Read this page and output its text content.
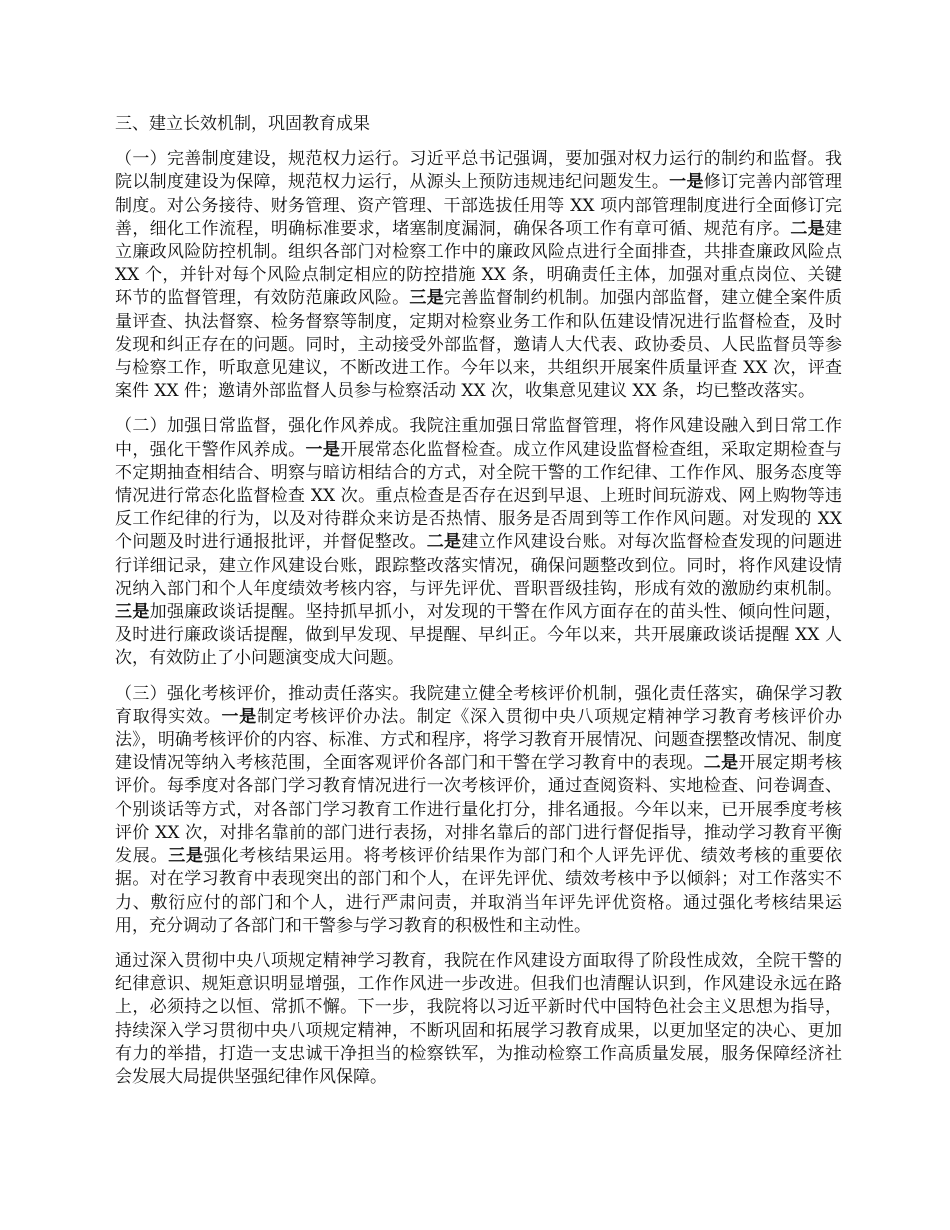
三、建立长效机制，巩固教育成果
（一）完善制度建设，规范权力运行。习近平总书记强调，要加强对权力运行的制约和监督。我院以制度建设为保障，规范权力运行，从源头上预防违规违纪问题发生。一是修订完善内部管理制度。对公务接待、财务管理、资产管理、干部选拔任用等 XX 项内部管理制度进行全面修订完善，细化工作流程，明确标准要求，堵塞制度漏洞，确保各项工作有章可循、规范有序。二是建立廉政风险防控机制。组织各部门对检察工作中的廉政风险点进行全面排查，共排查廉政风险点 XX 个，并针对每个风险点制定相应的防控措施 XX 条，明确责任主体，加强对重点岗位、关键环节的监督管理，有效防范廉政风险。三是完善监督制约机制。加强内部监督，建立健全案件质量评查、执法督察、检务督察等制度，定期对检察业务工作和队伍建设情况进行监督检查，及时发现和纠正存在的问题。同时，主动接受外部监督，邀请人大代表、政协委员、人民监督员等参与检察工作，听取意见建议，不断改进工作。今年以来，共组织开展案件质量评查 XX 次，评查案件 XX 件；邀请外部监督人员参与检察活动 XX 次，收集意见建议 XX 条，均已整改落实。
（二）加强日常监督，强化作风养成。我院注重加强日常监督管理，将作风建设融入到日常工作中，强化干警作风养成。一是开展常态化监督检查。成立作风建设监督检查组，采取定期检查与不定期抽查相结合、明察与暗访相结合的方式，对全院干警的工作纪律、工作作风、服务态度等情况进行常态化监督检查 XX 次。重点检查是否存在迟到早退、上班时间玩游戏、网上购物等违反工作纪律的行为，以及对待群众来访是否热情、服务是否周到等工作作风问题。对发现的 XX 个问题及时进行通报批评，并督促整改。二是建立作风建设台账。对每次监督检查发现的问题进行详细记录，建立作风建设台账，跟踪整改落实情况，确保问题整改到位。同时，将作风建设情况纳入部门和个人年度绩效考核内容，与评先评优、晋职晋级挂钩，形成有效的激励约束机制。三是加强廉政谈话提醒。坚持抓早抓小，对发现的干警在作风方面存在的苗头性、倾向性问题，及时进行廉政谈话提醒，做到早发现、早提醒、早纠正。今年以来，共开展廉政谈话提醒 XX 人次，有效防止了小问题演变成大问题。
（三）强化考核评价，推动责任落实。我院建立健全考核评价机制，强化责任落实，确保学习教育取得实效。一是制定考核评价办法。制定《深入贯彻中央八项规定精神学习教育考核评价办法》，明确考核评价的内容、标准、方式和程序，将学习教育开展情况、问题查摆整改情况、制度建设情况等纳入考核范围，全面客观评价各部门和干警在学习教育中的表现。二是开展定期考核评价。每季度对各部门学习教育情况进行一次考核评价，通过查阅资料、实地检查、问卷调查、个别谈话等方式，对各部门学习教育工作进行量化打分，排名通报。今年以来，已开展季度考核评价 XX 次，对排名靠前的部门进行表扬，对排名靠后的部门进行督促指导，推动学习教育平衡发展。三是强化考核结果运用。将考核评价结果作为部门和个人评先评优、绩效考核的重要依据。对在学习教育中表现突出的部门和个人，在评先评优、绩效考核中予以倾斜；对工作落实不力、敷衍应付的部门和个人，进行严肃问责，并取消当年评先评优资格。通过强化考核结果运用，充分调动了各部门和干警参与学习教育的积极性和主动性。
通过深入贯彻中央八项规定精神学习教育，我院在作风建设方面取得了阶段性成效，全院干警的纪律意识、规矩意识明显增强，工作作风进一步改进。但我们也清醒认识到，作风建设永远在路上，必须持之以恒、常抓不懈。下一步，我院将以习近平新时代中国特色社会主义思想为指导，持续深入学习贯彻中央八项规定精神，不断巩固和拓展学习教育成果，以更加坚定的决心、更加有力的举措，打造一支忠诚干净担当的检察铁军，为推动检察工作高质量发展，服务保障经济社会发展大局提供坚强纪律作风保障。
